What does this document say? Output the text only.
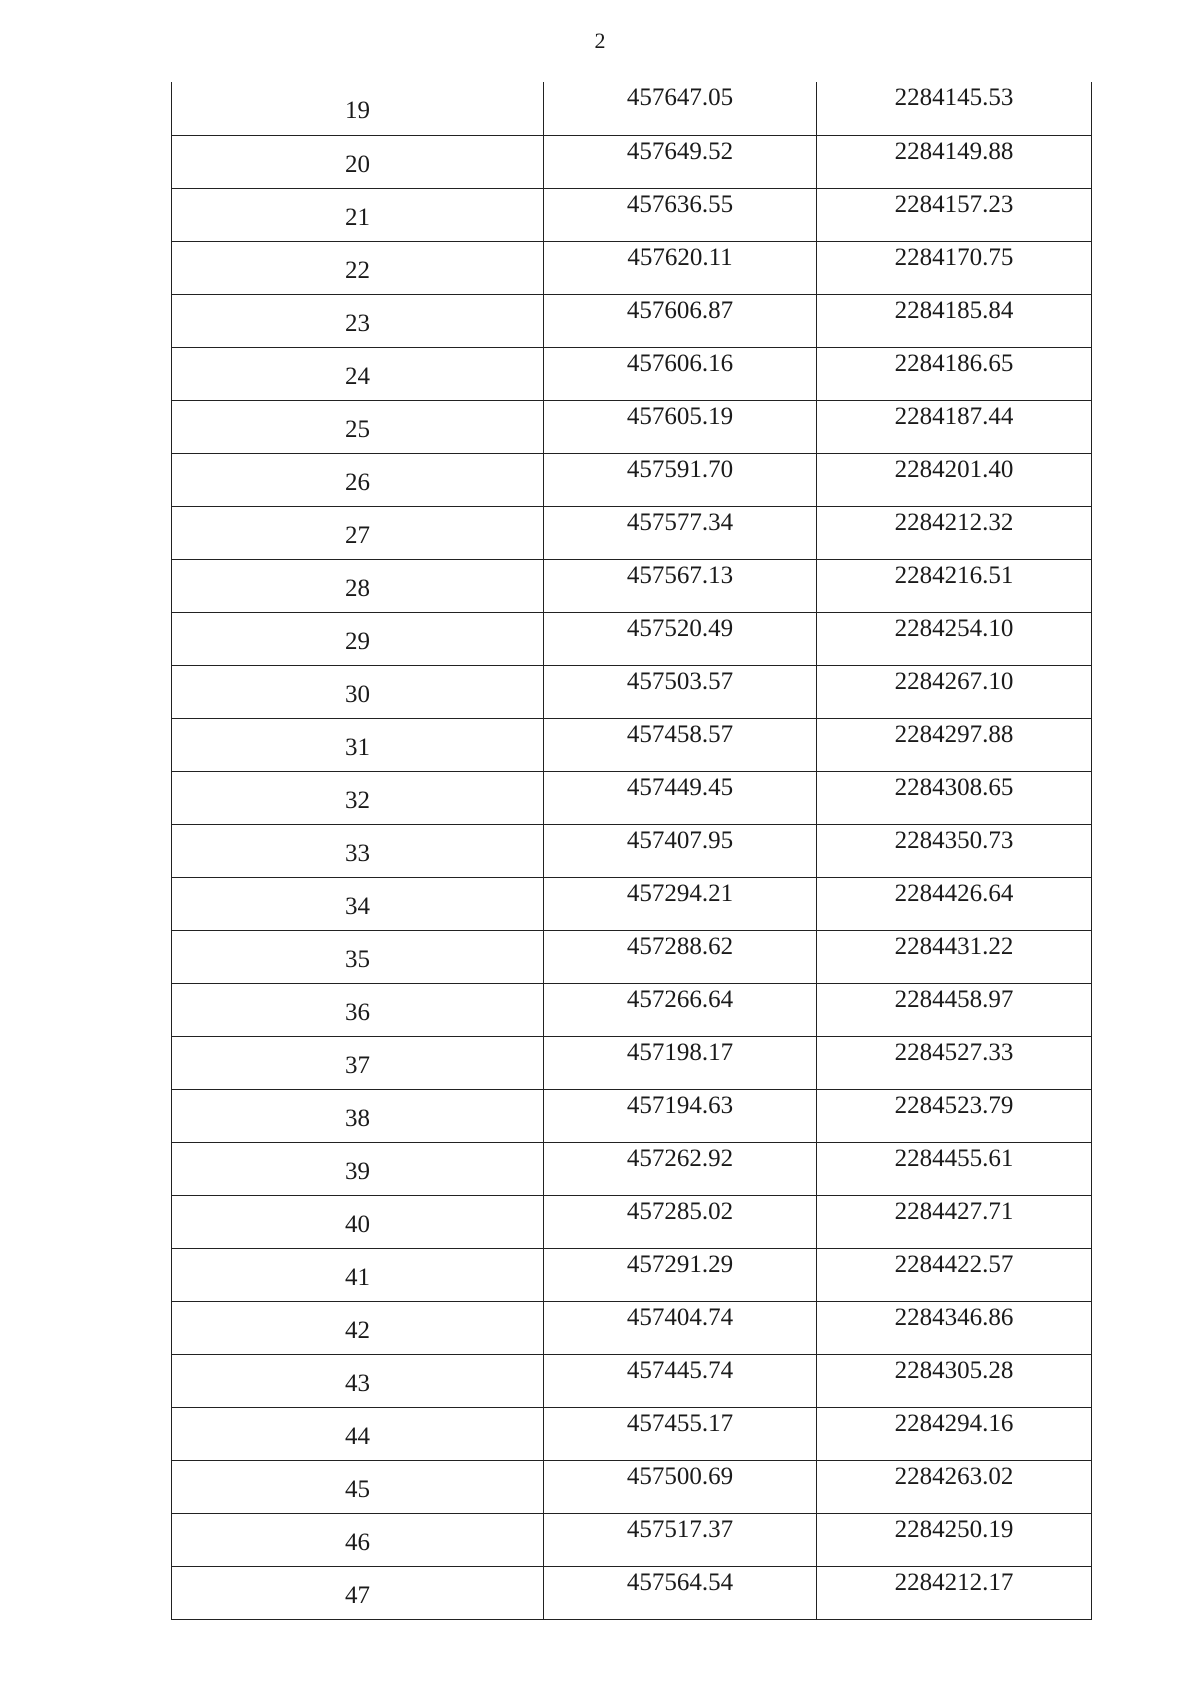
2
19	457647.05	2284145.53
20	457649.52	2284149.88
21	457636.55	2284157.23
22	457620.11	2284170.75
23	457606.87	2284185.84
24	457606.16	2284186.65
25	457605.19	2284187.44
26	457591.70	2284201.40
27	457577.34	2284212.32
28	457567.13	2284216.51
29	457520.49	2284254.10
30	457503.57	2284267.10
31	457458.57	2284297.88
32	457449.45	2284308.65
33	457407.95	2284350.73
34	457294.21	2284426.64
35	457288.62	2284431.22
36	457266.64	2284458.97
37	457198.17	2284527.33
38	457194.63	2284523.79
39	457262.92	2284455.61
40	457285.02	2284427.71
41	457291.29	2284422.57
42	457404.74	2284346.86
43	457445.74	2284305.28
44	457455.17	2284294.16
45	457500.69	2284263.02
46	457517.37	2284250.19
47	457564.54	2284212.17
